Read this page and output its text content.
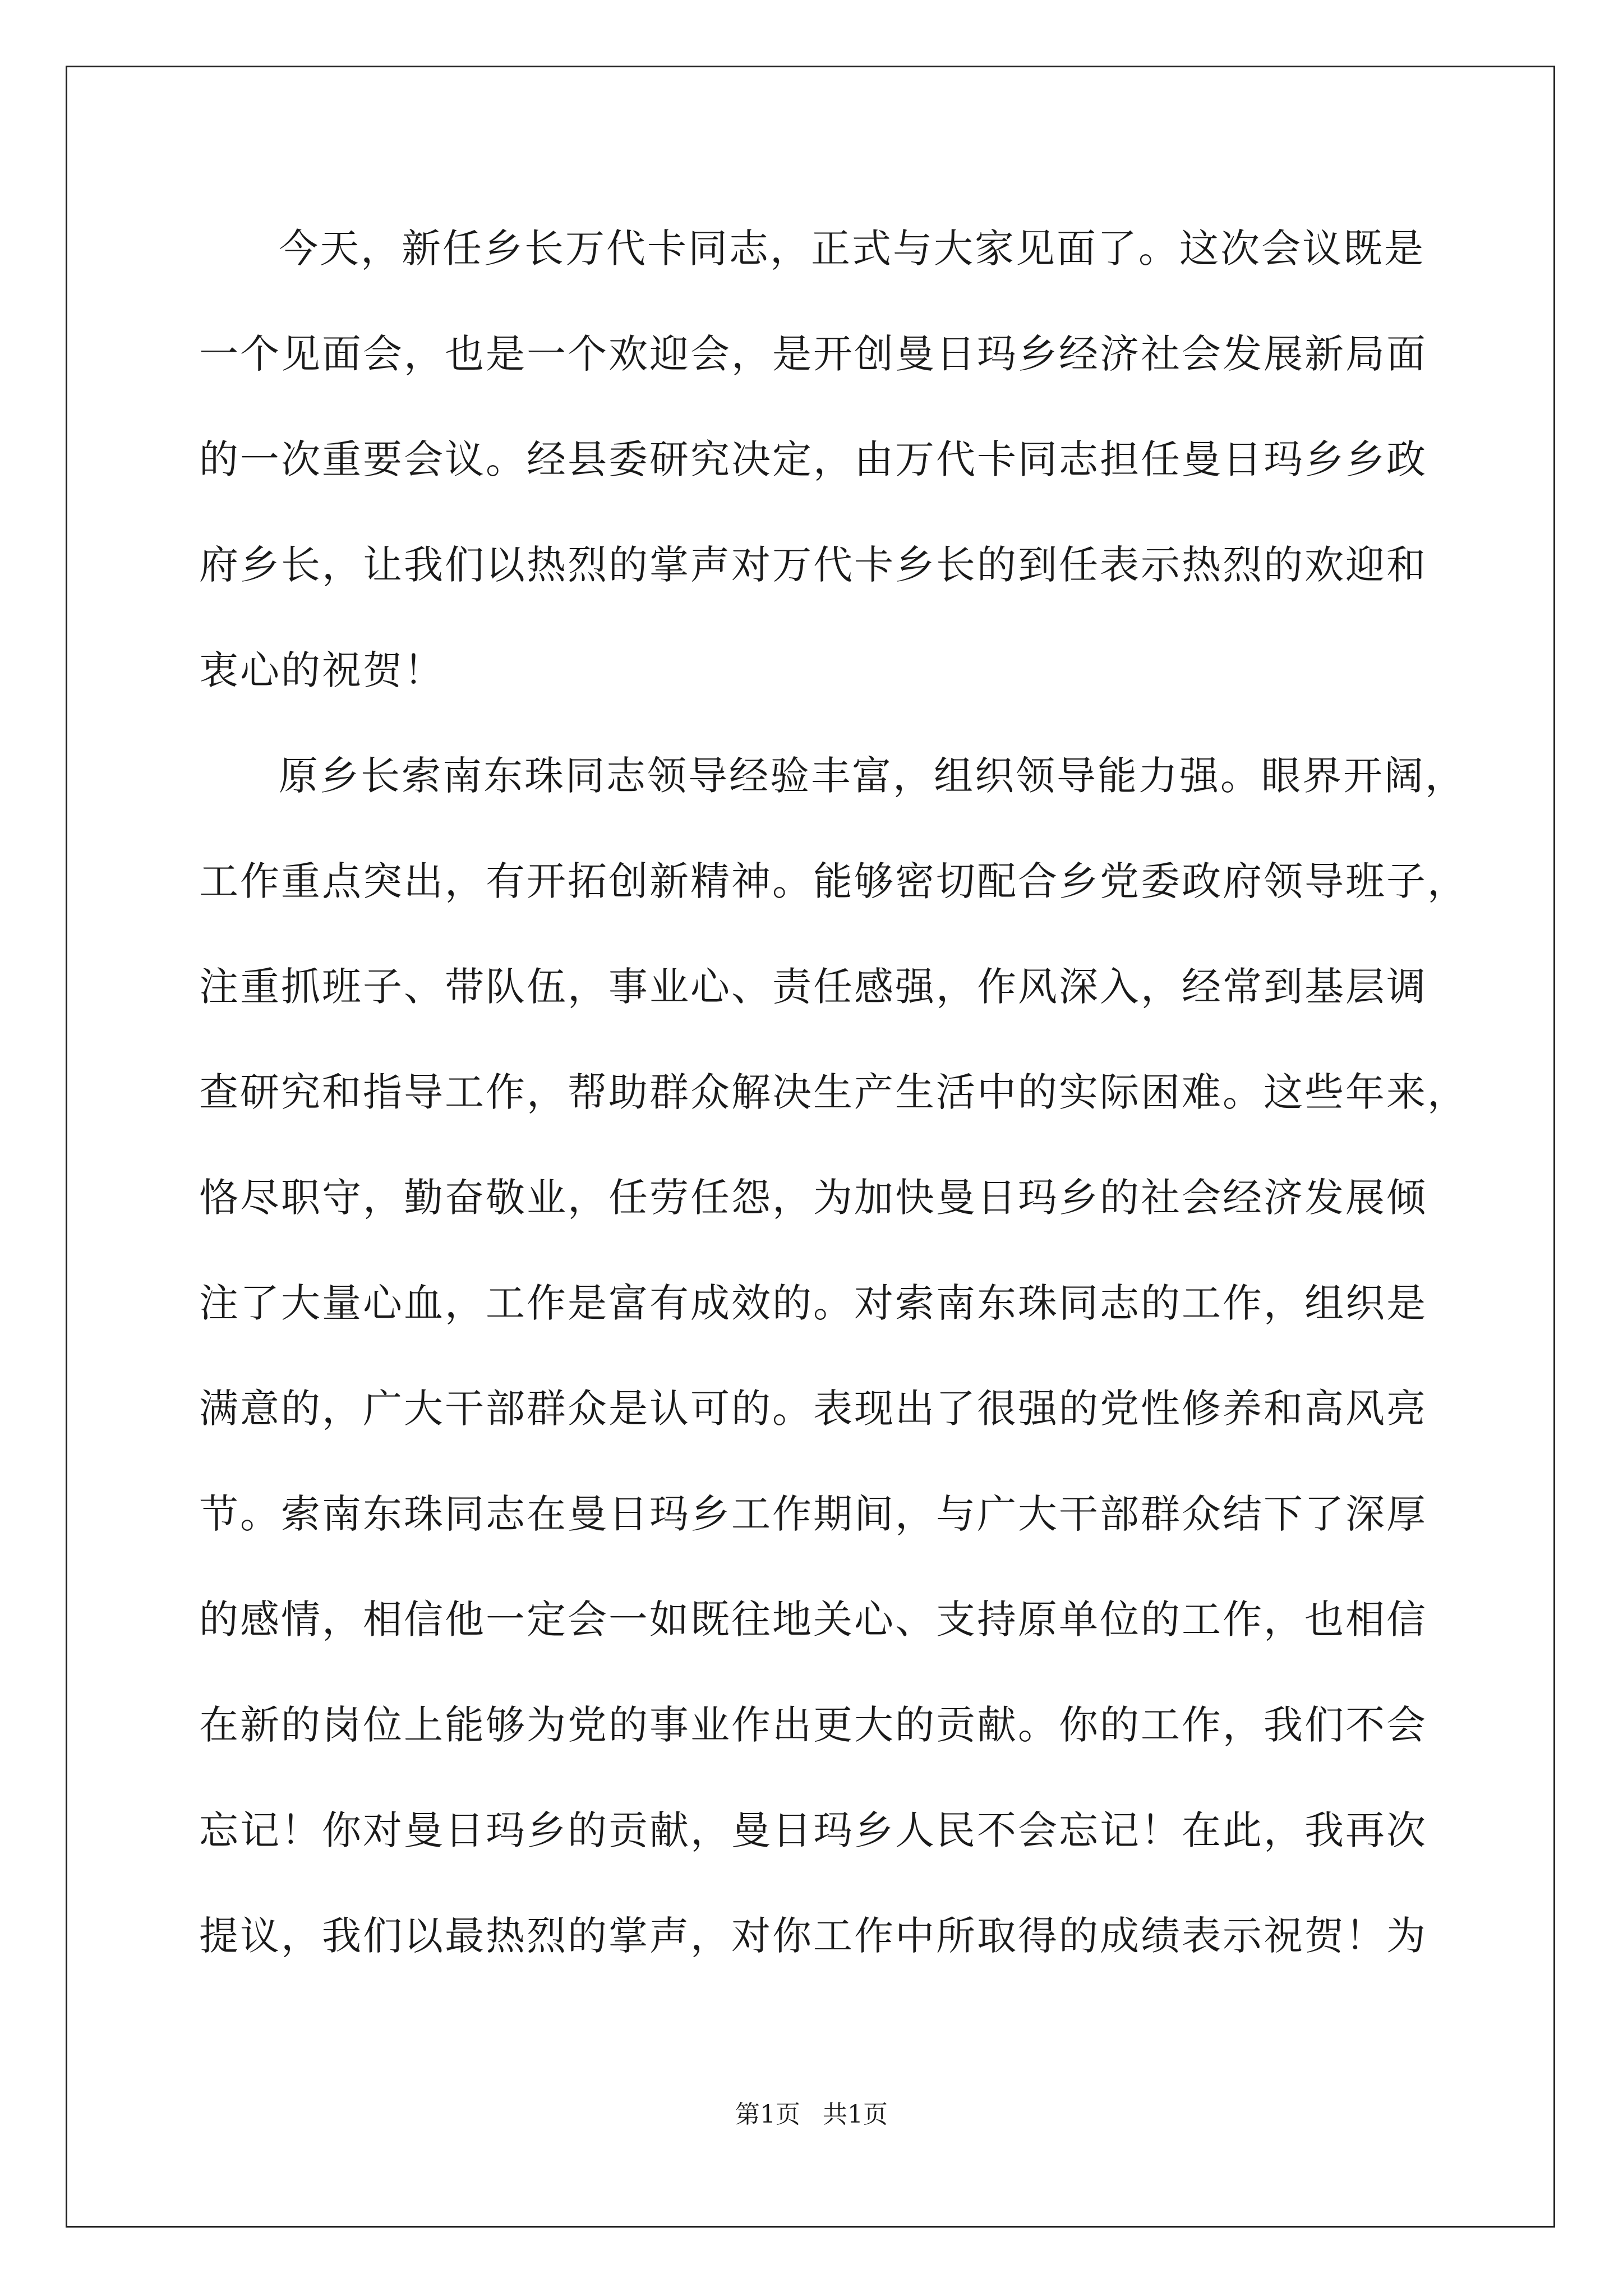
今天，新任乡长万代卡同志，正式与大家见面了。这次会议既是
一个见面会，也是一个欢迎会，是开创曼日玛乡经济社会发展新局面
的一次重要会议。经县委研究决定，由万代卡同志担任曼日玛乡乡政
府乡长，让我们以热烈的掌声对万代卡乡长的到任表示热烈的欢迎和
衷心的祝贺！
原乡长索南东珠同志领导经验丰富，组织领导能力强。眼界开阔，
工作重点突出，有开拓创新精神。能够密切配合乡党委政府领导班子，
注重抓班子、带队伍，事业心、责任感强，作风深入，经常到基层调
查研究和指导工作，帮助群众解决生产生活中的实际困难。这些年来，
恪尽职守，勤奋敬业，任劳任怨，为加快曼日玛乡的社会经济发展倾
注了大量心血，工作是富有成效的。对索南东珠同志的工作，组织是
满意的，广大干部群众是认可的。表现出了很强的党性修养和高风亮
节。索南东珠同志在曼日玛乡工作期间，与广大干部群众结下了深厚
的感情，相信他一定会一如既往地关心、支持原单位的工作，也相信
在新的岗位上能够为党的事业作出更大的贡献。你的工作，我们不会
忘记！你对曼日玛乡的贡献，曼日玛乡人民不会忘记！在此，我再次
提议，我们以最热烈的掌声，对你工作中所取得的成绩表示祝贺！为
第1页 共1页
